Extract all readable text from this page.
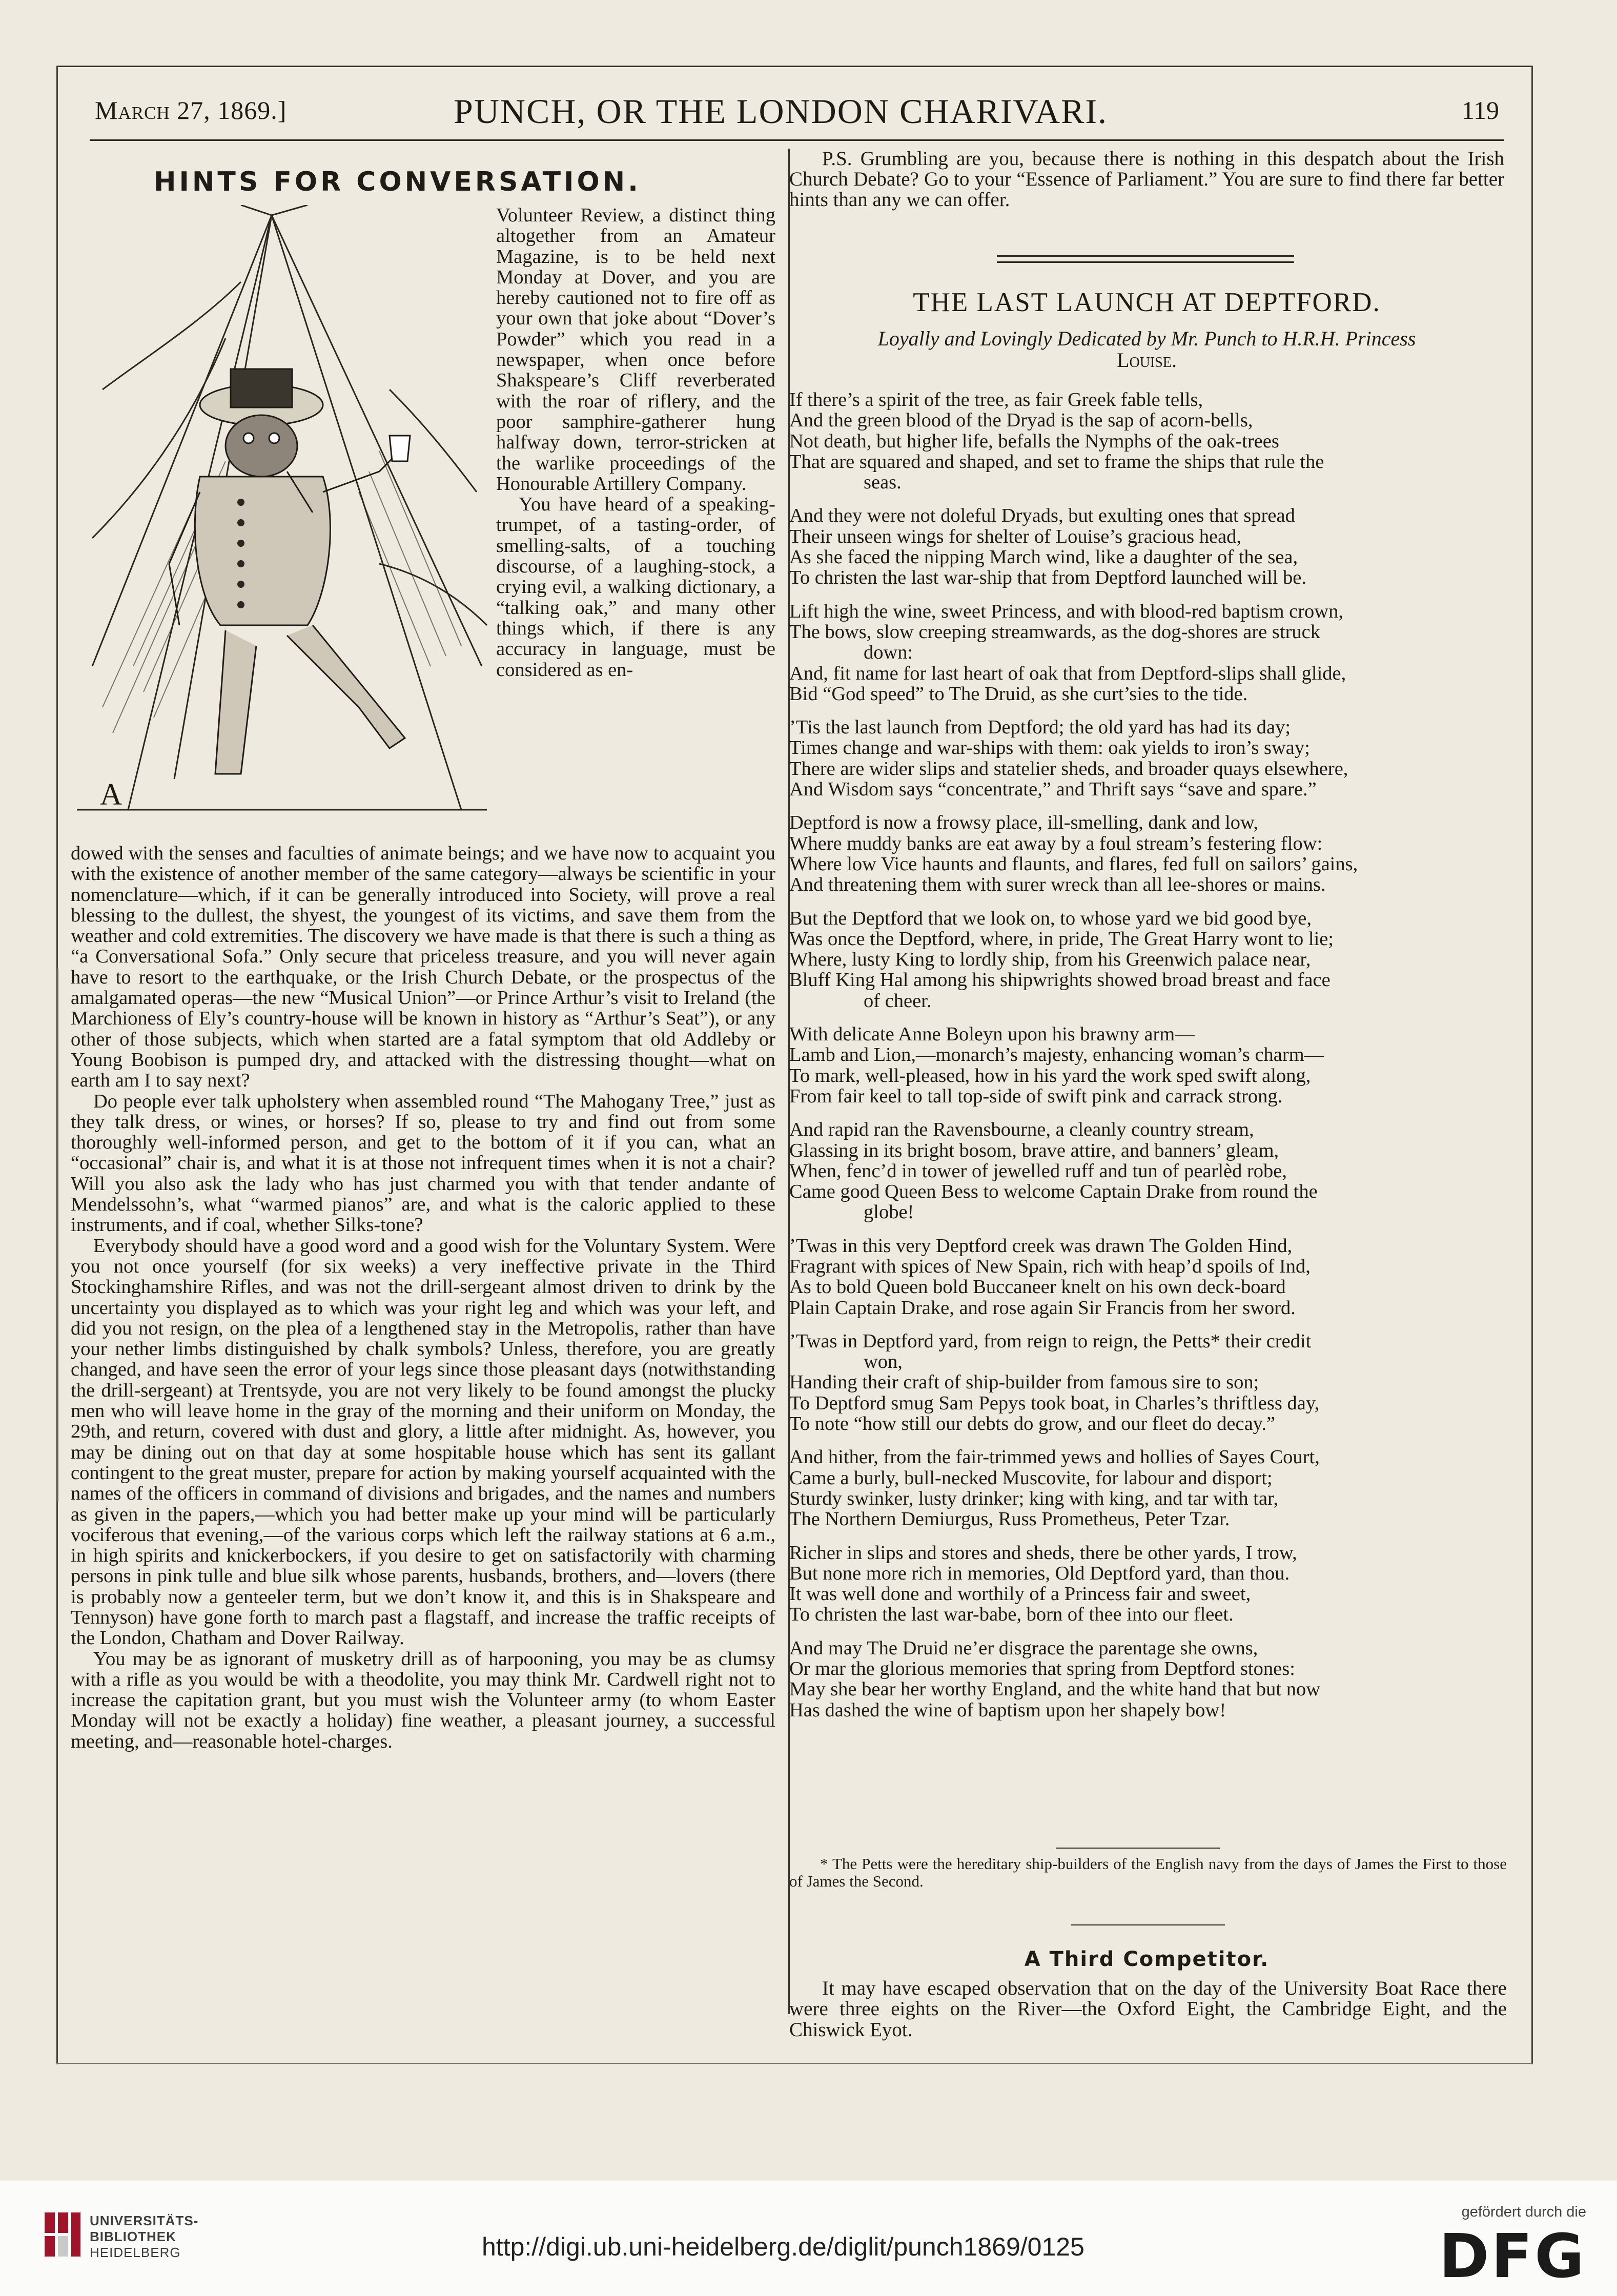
March 27, 1869.]	PUNCH, OR THE LONDON CHARIVARI.	119
HINTS FOR CONVERSATION.
A

Volunteer Review, a distinct thing altogether from an Amateur Magazine, is to be held next Monday at Dover, and you are hereby cautioned not to fire off as your own that joke about “Dover’s Powder” which you read in a newspaper, when once before Shakspeare’s Cliff reverberated with the roar of riflery, and the poor samphire-gatherer hung halfway down, terror-stricken at the warlike proceedings of the Honourable Artillery Company.

You have heard of a speaking-trumpet, of a tasting-order, of smelling-salts, of a touching discourse, of a laughing-stock, a crying evil, a walking dictionary, a “talking oak,” and many other things which, if there is any accuracy in language, must be considered as en-

dowed with the senses and faculties of animate beings; and we have now to acquaint you with the existence of another member of the same category—always be scientific in your nomenclature—which, if it can be generally introduced into Society, will prove a real blessing to the dullest, the shyest, the youngest of its victims, and save them from the weather and cold extremities. The discovery we have made is that there is such a thing as “a Conversational Sofa.” Only secure that priceless treasure, and you will never again have to resort to the earthquake, or the Irish Church Debate, or the prospectus of the amalgamated operas—the new “Musical Union”—or Prince Arthur’s visit to Ireland (the Marchioness of Ely’s country-house will be known in history as “Arthur’s Seat”), or any other of those subjects, which when started are a fatal symptom that old Addleby or Young Boobison is pumped dry, and attacked with the distressing thought—what on earth am I to say next?

Do people ever talk upholstery when assembled round “The Mahogany Tree,” just as they talk dress, or wines, or horses? If so, please to try and find out from some thoroughly well-informed person, and get to the bottom of it if you can, what an “occasional” chair is, and what it is at those not infrequent times when it is not a chair? Will you also ask the lady who has just charmed you with that tender andante of Mendelssohn’s, what “warmed pianos” are, and what is the caloric applied to these instruments, and if coal, whether Silks-tone?

Everybody should have a good word and a good wish for the Voluntary System. Were you not once yourself (for six weeks) a very ineffective private in the Third Stockinghamshire Rifles, and was not the drill-sergeant almost driven to drink by the uncertainty you displayed as to which was your right leg and which was your left, and did you not resign, on the plea of a lengthened stay in the Metropolis, rather than have your nether limbs distinguished by chalk symbols? Unless, therefore, you are greatly changed, and have seen the error of your legs since those pleasant days (notwithstanding the drill-sergeant) at Trentsyde, you are not very likely to be found amongst the plucky men who will leave home in the gray of the morning and their uniform on Monday, the 29th, and return, covered with dust and glory, a little after midnight. As, however, you may be dining out on that day at some hospitable house which has sent its gallant contingent to the great muster, prepare for action by making yourself acquainted with the names of the officers in command of divisions and brigades, and the names and numbers as given in the papers,—which you had better make up your mind will be particularly vociferous that evening,—of the various corps which left the railway stations at 6 a.m., in high spirits and knickerbockers, if you desire to get on satisfactorily with charming persons in pink tulle and blue silk whose parents, husbands, brothers, and—lovers (there is probably now a genteeler term, but we don’t know it, and this is in Shakspeare and Tennyson) have gone forth to march past a flagstaff, and increase the traffic receipts of the London, Chatham and Dover Railway.

You may be as ignorant of musketry drill as of harpooning, you may be as clumsy with a rifle as you would be with a theodolite, you may think Mr. Cardwell right not to increase the capitation grant, but you must wish the Volunteer army (to whom Easter Monday will not be exactly a holiday) fine weather, a pleasant journey, a successful meeting, and—reasonable hotel-charges.

P.S. Grumbling are you, because there is nothing in this despatch about the Irish Church Debate? Go to your “Essence of Parliament.” You are sure to find there far better hints than any we can offer.
THE LAST LAUNCH AT DEPTFORD.
Loyally and Lovingly Dedicated by Mr. Punch to H.R.H. Princess
Louise.
If there’s a spirit of the tree, as fair Greek fable tells,
And the green blood of the Dryad is the sap of acorn-bells,
Not death, but higher life, befalls the Nymphs of the oak-trees
That are squared and shaped, and set to frame the ships that rule the
seas.
And they were not doleful Dryads, but exulting ones that spread
Their unseen wings for shelter of Louise’s gracious head,
As she faced the nipping March wind, like a daughter of the sea,
To christen the last war-ship that from Deptford launched will be.
Lift high the wine, sweet Princess, and with blood-red baptism crown,
The bows, slow creeping streamwards, as the dog-shores are struck
down:
And, fit name for last heart of oak that from Deptford-slips shall glide,
Bid “God speed” to The Druid, as she curt’sies to the tide.
’Tis the last launch from Deptford; the old yard has had its day;
Times change and war-ships with them: oak yields to iron’s sway;
There are wider slips and statelier sheds, and broader quays elsewhere,
And Wisdom says “concentrate,” and Thrift says “save and spare.”
Deptford is now a frowsy place, ill-smelling, dank and low,
Where muddy banks are eat away by a foul stream’s festering flow:
Where low Vice haunts and flaunts, and flares, fed full on sailors’ gains,
And threatening them with surer wreck than all lee-shores or mains.
But the Deptford that we look on, to whose yard we bid good bye,
Was once the Deptford, where, in pride, The Great Harry wont to lie;
Where, lusty King to lordly ship, from his Greenwich palace near,
Bluff King Hal among his shipwrights showed broad breast and face
of cheer.
With delicate Anne Boleyn upon his brawny arm—
Lamb and Lion,—monarch’s majesty, enhancing woman’s charm—
To mark, well-pleased, how in his yard the work sped swift along,
From fair keel to tall top-side of swift pink and carrack strong.
And rapid ran the Ravensbourne, a cleanly country stream,
Glassing in its bright bosom, brave attire, and banners’ gleam,
When, fenc’d in tower of jewelled ruff and tun of pearlèd robe,
Came good Queen Bess to welcome Captain Drake from round the
globe!
’Twas in this very Deptford creek was drawn The Golden Hind,
Fragrant with spices of New Spain, rich with heap’d spoils of Ind,
As to bold Queen bold Buccaneer knelt on his own deck-board
Plain Captain Drake, and rose again Sir Francis from her sword.
’Twas in Deptford yard, from reign to reign, the Petts* their credit
won,
Handing their craft of ship-builder from famous sire to son;
To Deptford smug Sam Pepys took boat, in Charles’s thriftless day,
To note “how still our debts do grow, and our fleet do decay.”
And hither, from the fair-trimmed yews and hollies of Sayes Court,
Came a burly, bull-necked Muscovite, for labour and disport;
Sturdy swinker, lusty drinker; king with king, and tar with tar,
The Northern Demiurgus, Russ Prometheus, Peter Tzar.
Richer in slips and stores and sheds, there be other yards, I trow,
But none more rich in memories, Old Deptford yard, than thou.
It was well done and worthily of a Princess fair and sweet,
To christen the last war-babe, born of thee into our fleet.
And may The Druid ne’er disgrace the parentage she owns,
Or mar the glorious memories that spring from Deptford stones:
May she bear her worthy England, and the white hand that but now
Has dashed the wine of baptism upon her shapely bow!
* The Petts were the hereditary ship-builders of the English navy from the days of James the First to those of James the Second.
A Third Competitor.
It may have escaped observation that on the day of the University Boat Race there were three eights on the River—the Oxford Eight, the Cambridge Eight, and the Chiswick Eyot.
UNIVERSITÄTS-
BIBLIOTHEK
HEIDELBERG	http://digi.ub.uni-heidelberg.de/diglit/punch1869/0125
gefördert durch die
DFG
